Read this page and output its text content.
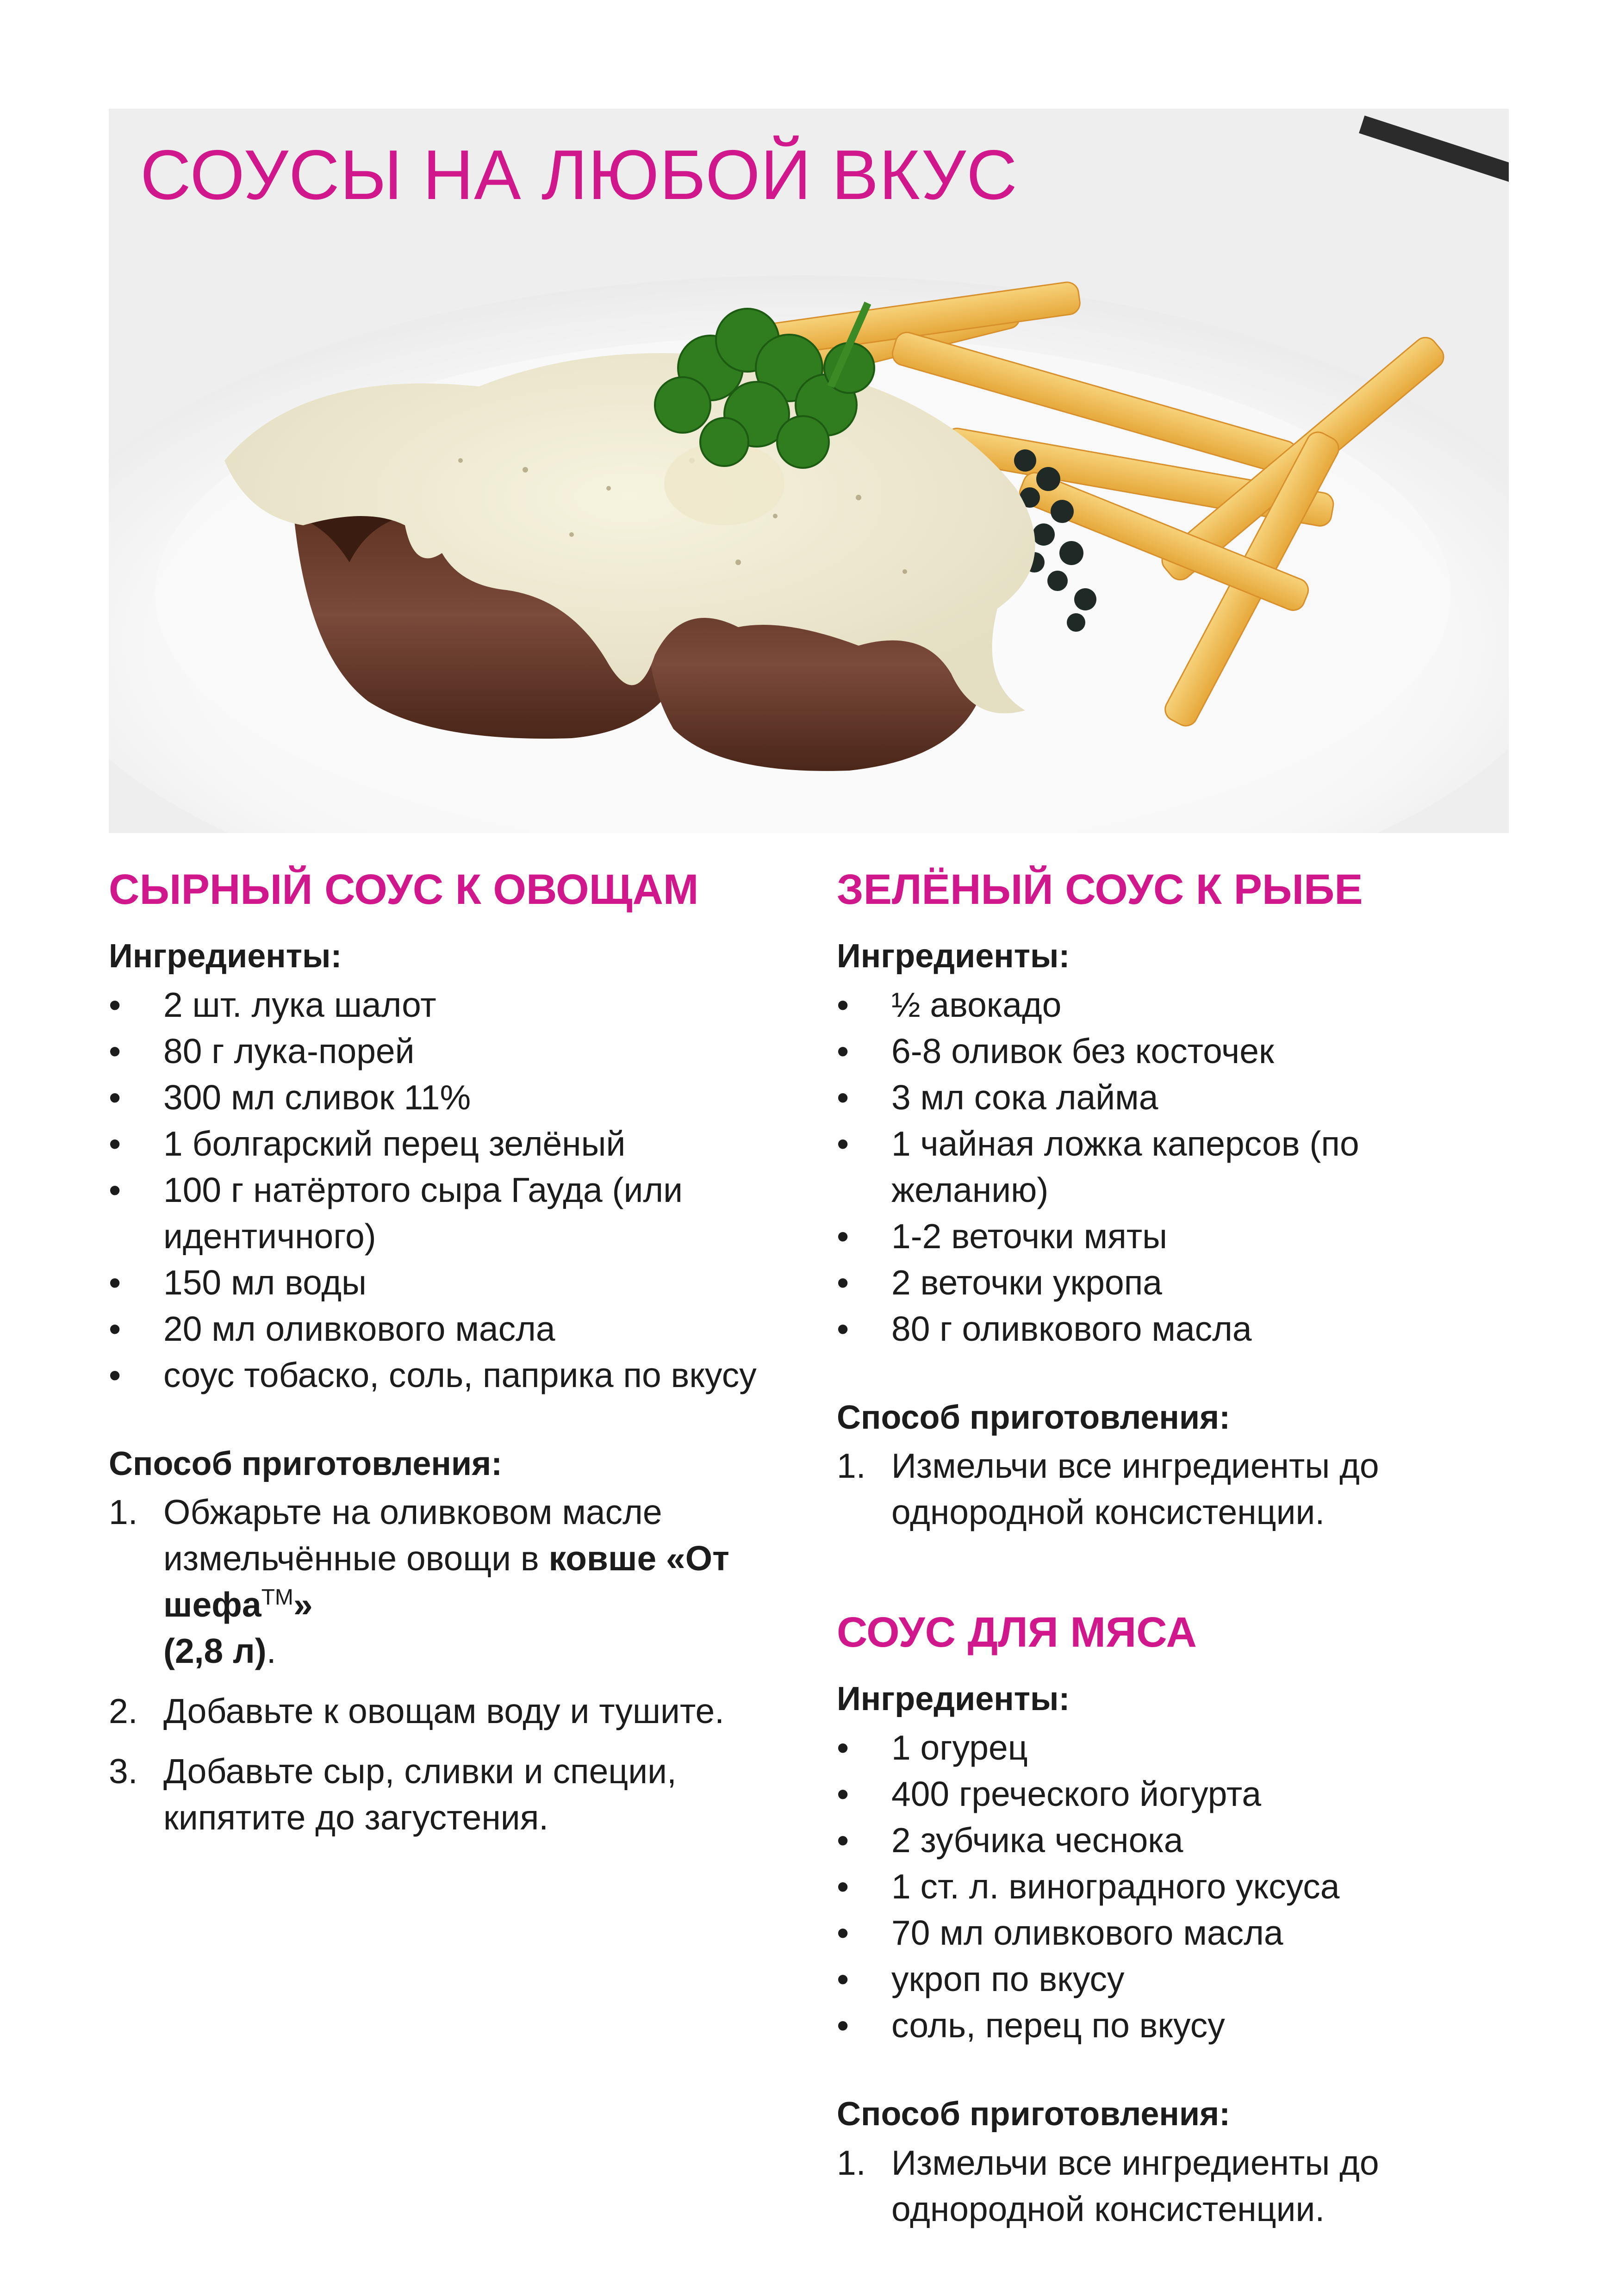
СОУСЫ НА ЛЮБОЙ ВКУС
СЫРНЫЙ СОУС К ОВОЩАМ
Ингредиенты:
• 2 шт. лука шалот
• 80 г лука-порей
• 300 мл сливок 11%
• 1 болгарский перец зелёный
• 100 г натёртого сыра Гауда (или идентичного)
• 150 мл воды
• 20 мл оливкового масла
• соус тобаско, соль, паприка по вкусу
Способ приготовления:
1. Обжарьте на оливковом масле измельчённые овощи в ковше «От шефа™»
(2,8 л).
2. Добавьте к овощам воду и тушите.
3. Добавьте сыр, сливки и специи, кипятите до загустения.
ЗЕЛЁНЫЙ СОУС К РЫБЕ
Ингредиенты:
• ½ авокадо
• 6-8 оливок без косточек
• 3 мл сока лайма
• 1 чайная ложка каперсов (по желанию)
• 1-2 веточки мяты
• 2 веточки укропа
• 80 г оливкового масла
Способ приготовления:
1. Измельчи все ингредиенты до однородной консистенции.
СОУС ДЛЯ МЯСА
Ингредиенты:
• 1 огурец
• 400 греческого йогурта
• 2 зубчика чеснока
• 1 ст. л. виноградного уксуса
• 70 мл оливкового масла
• укроп по вкусу
• соль, перец по вкусу
Способ приготовления:
1. Измельчи все ингредиенты до однородной консистенции.
